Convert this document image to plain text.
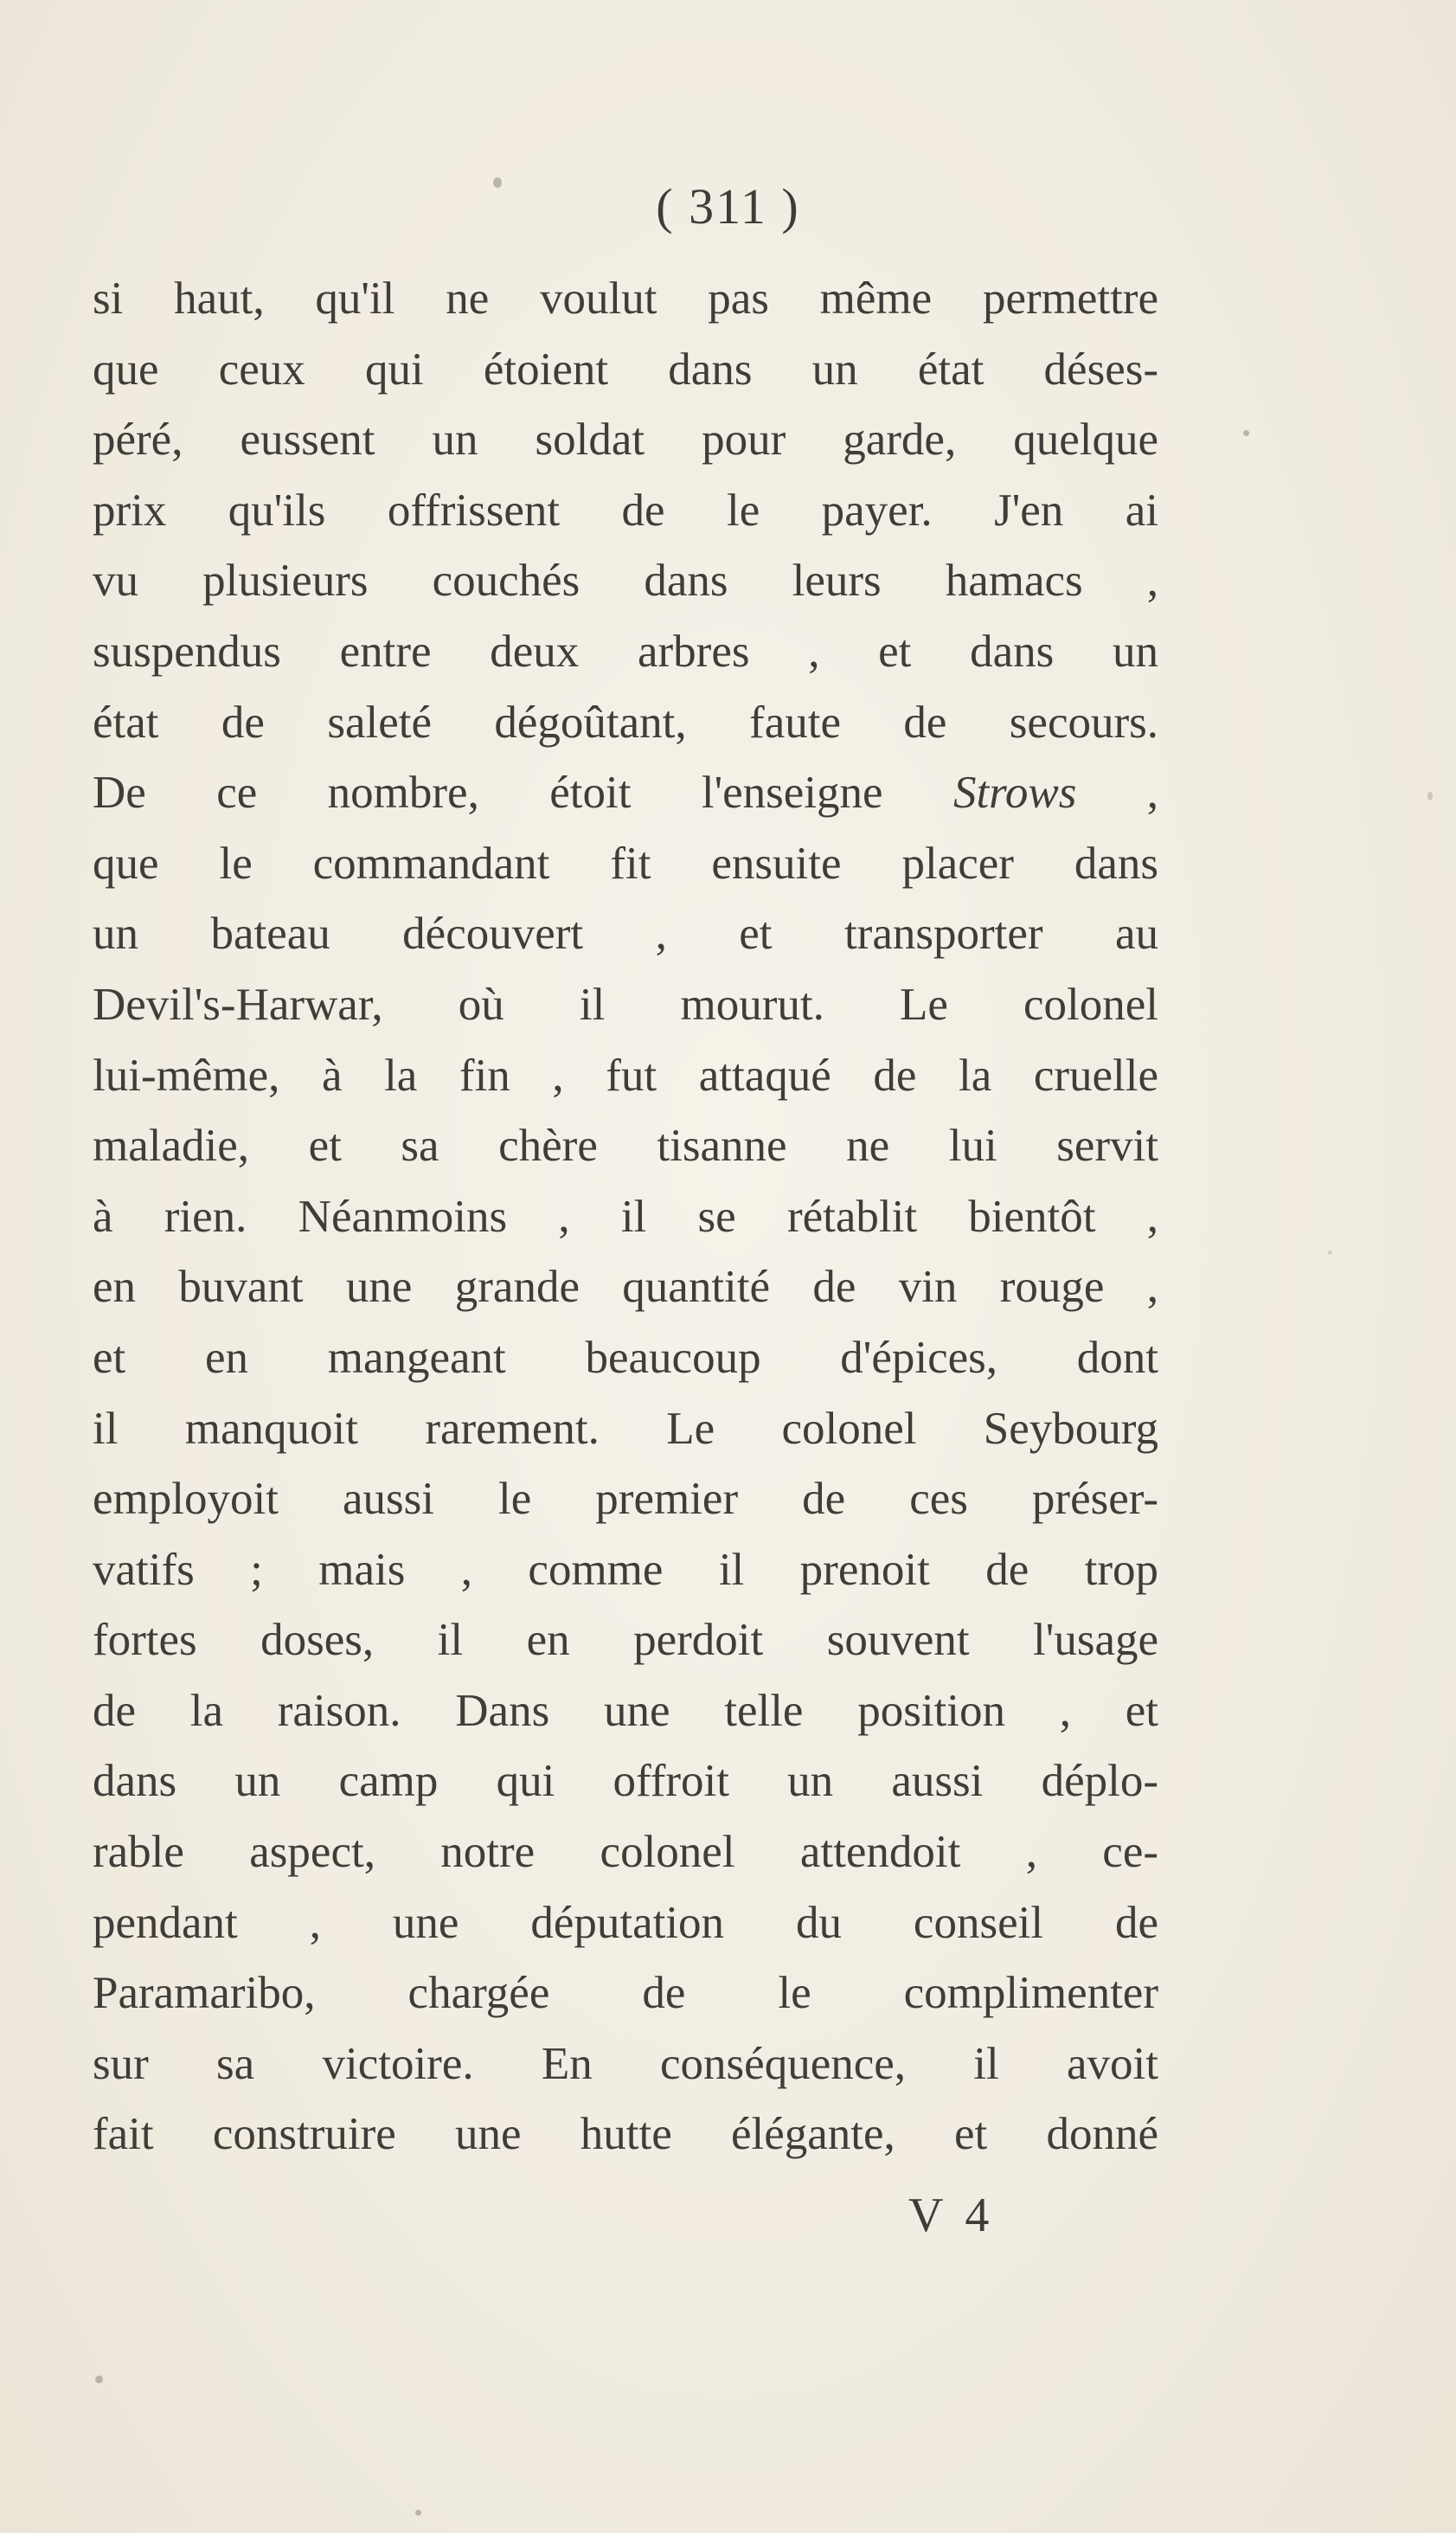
( 311 )
si haut, qu'il ne voulut pas même permettre
que ceux qui étoient dans un état déses-
péré, eussent un soldat pour garde, quelque
prix qu'ils offrissent de le payer. J'en ai
vu plusieurs couchés dans leurs hamacs ,
suspendus entre deux arbres , et dans un
état de saleté dégoûtant, faute de secours.
De ce nombre, étoit l'enseigne Strows ,
que le commandant fit ensuite placer dans
un bateau découvert , et transporter au
Devil's-Harwar, où il mourut. Le colonel
lui-même, à la fin , fut attaqué de la cruelle
maladie, et sa chère tisanne ne lui servit
à rien. Néanmoins , il se rétablit bientôt ,
en buvant une grande quantité de vin rouge ,
et en mangeant beaucoup d'épices, dont
il manquoit rarement. Le colonel Seybourg
employoit aussi le premier de ces préser-
vatifs ; mais , comme il prenoit de trop
fortes doses, il en perdoit souvent l'usage
de la raison. Dans une telle position , et
dans un camp qui offroit un aussi déplo-
rable aspect, notre colonel attendoit , ce-
pendant , une députation du conseil de
Paramaribo, chargée de le complimenter
sur sa victoire. En conséquence, il avoit
fait construire une hutte élégante, et donné
V 4
